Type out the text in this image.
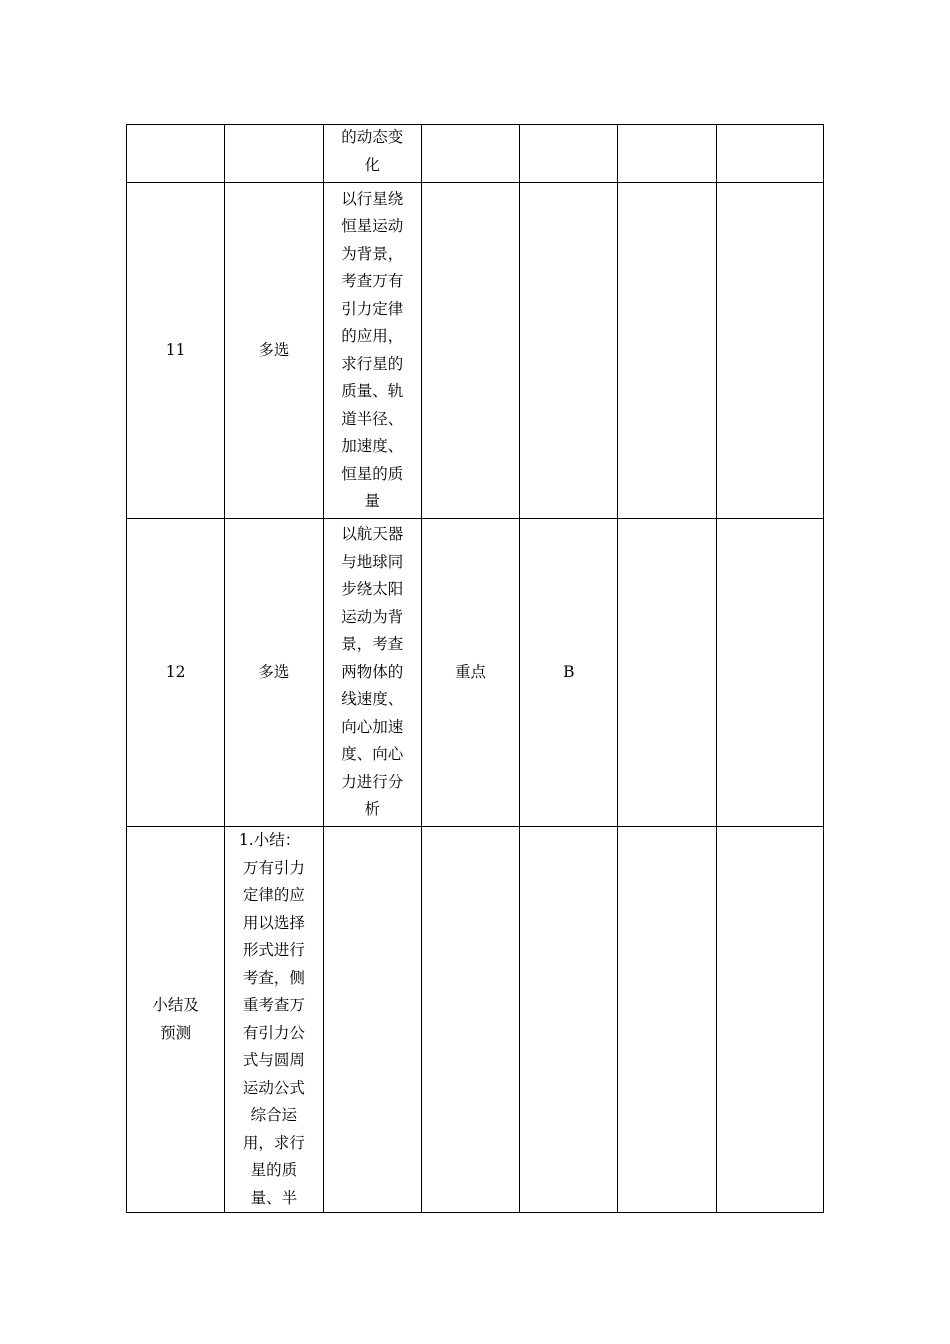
		的动态变化				

11	多选	以行星绕恒星运动为背景，考查万有引力定律的应用，求行星的质量、轨道半径、加速度、恒星的质量				

12	多选	以航天器与地球同步绕太阳运动为背景，考查两物体的线速度、向心加速度、向心力进行分析	重点	B		

小结及预测	1.小结：
万有引力定律的应用以选择形式进行考查，侧重考查万有引力公式与圆周运动公式综合运用，求行星的质量、半					
